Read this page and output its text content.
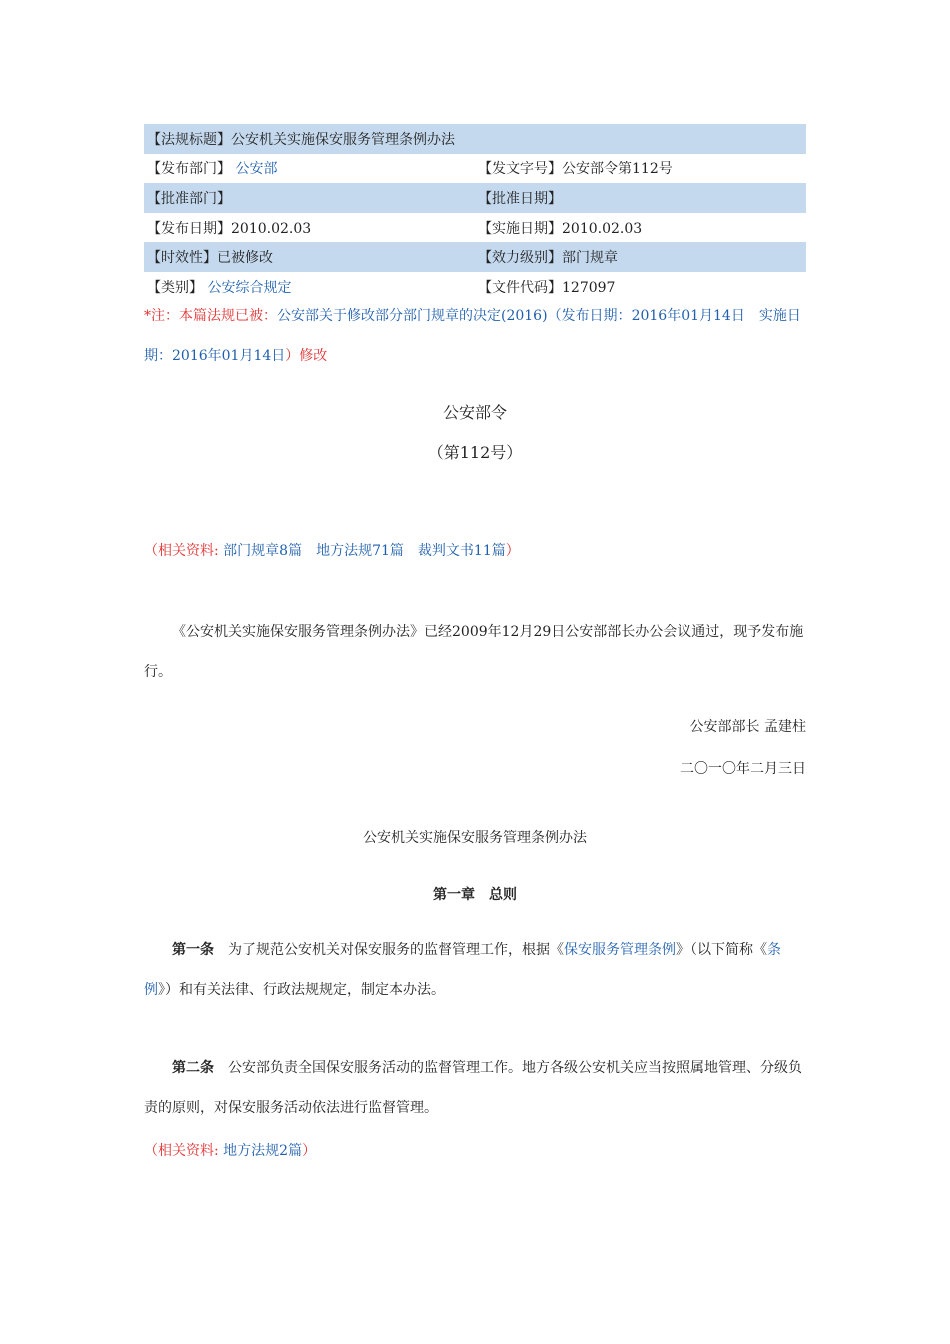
【法规标题】公安机关实施保安服务管理条例办法	
【发布部门】 公安部	【发文字号】公安部令第112号
【批准部门】	【批准日期】
【发布日期】2010.02.03	【实施日期】2010.02.03
【时效性】已被修改	【效力级别】部门规章
【类别】 公安综合规定	【文件代码】127097
*注：本篇法规已被：公安部关于修改部分部门规章的决定(2016)（发布日期：2016年01月14日　实施日期：2016年01月14日）修改
公安部令
（第112号）
（相关资料: 部门规章8篇　 地方法规71篇　 裁判文书11篇）
《公安机关实施保安服务管理条例办法》已经2009年12月29日公安部部长办公会议通过，现予发布施行。
公安部部长 孟建柱
二〇一〇年二月三日
公安机关实施保安服务管理条例办法
第一章　总则
第一条　为了规范公安机关对保安服务的监督管理工作，根据《保安服务管理条例》（以下简称《条例》）和有关法律、行政法规规定，制定本办法。
第二条　公安部负责全国保安服务活动的监督管理工作。地方各级公安机关应当按照属地管理、分级负责的原则，对保安服务活动依法进行监督管理。
（相关资料: 地方法规2篇）
